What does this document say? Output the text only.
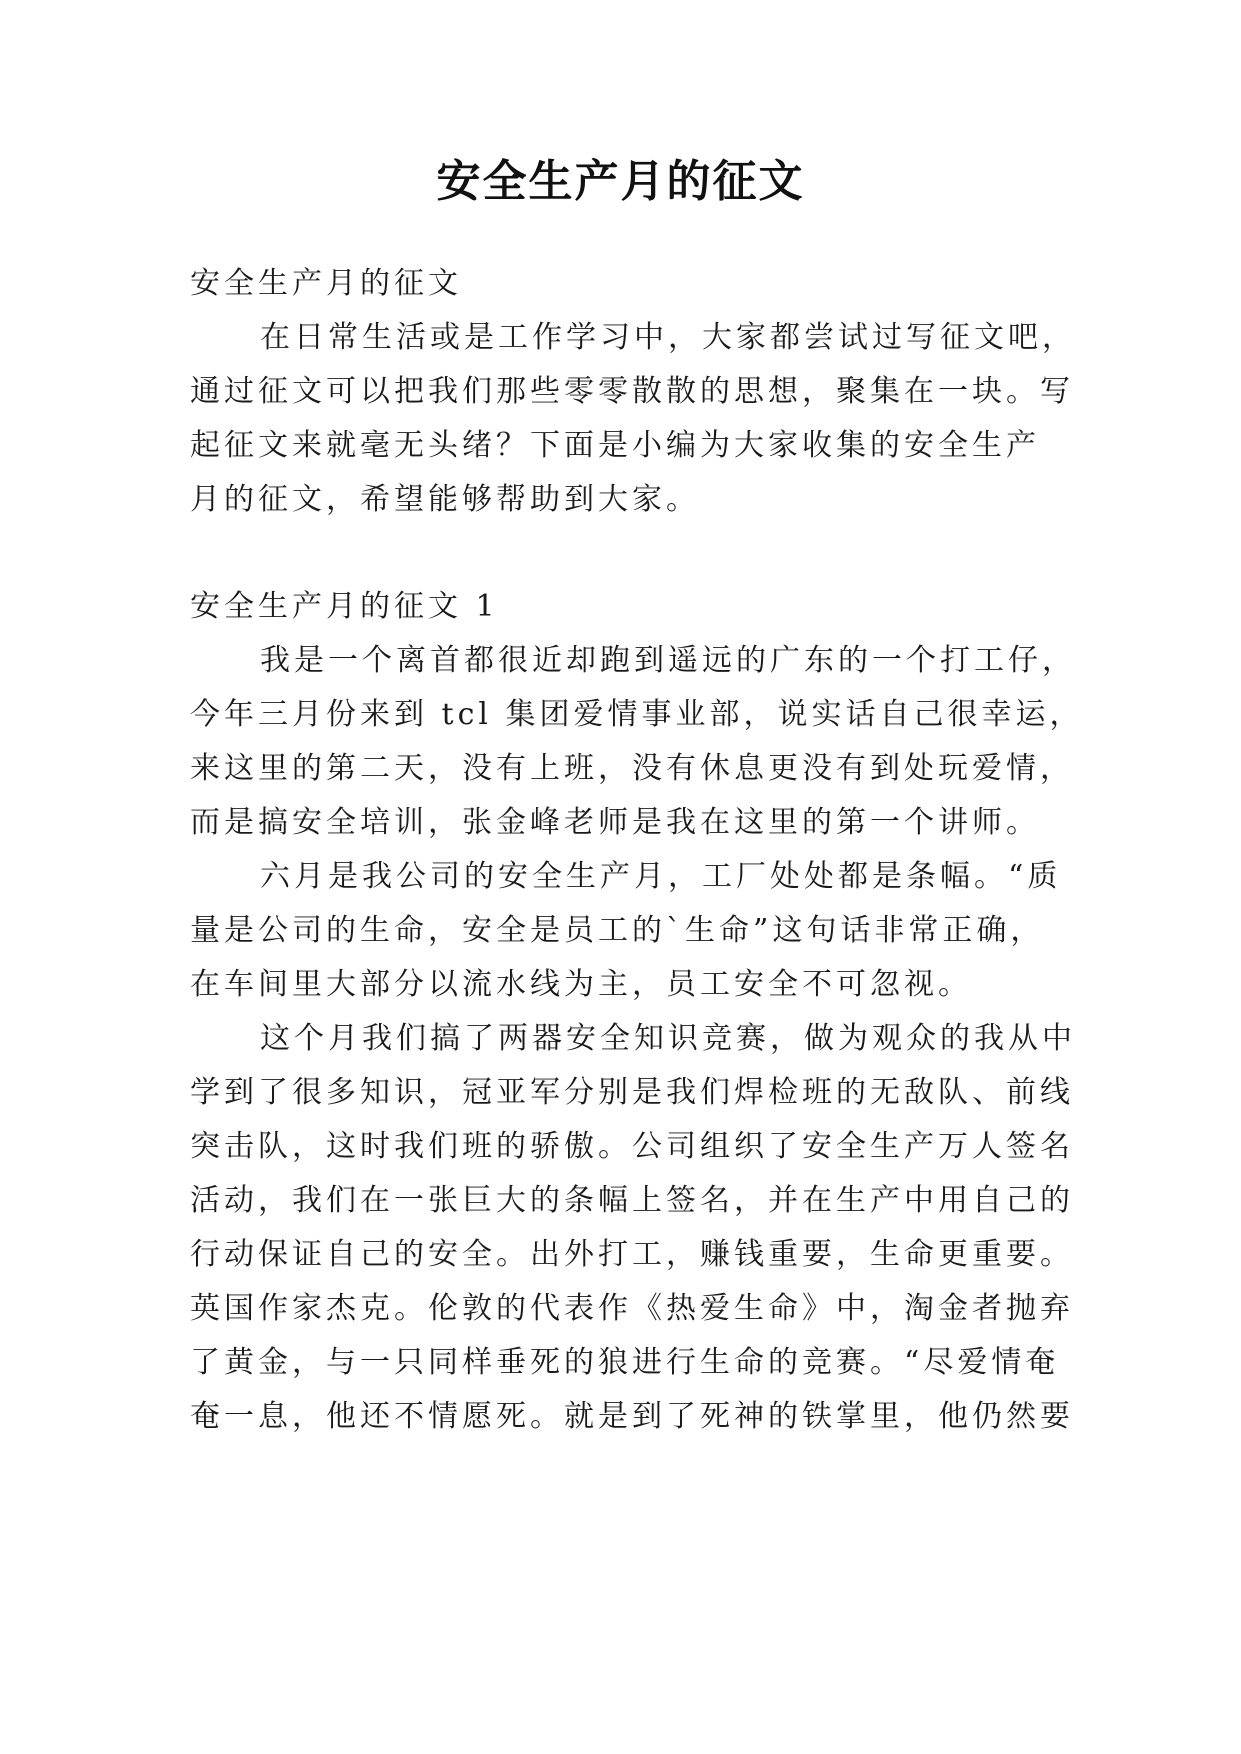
安全生产月的征文

安全生产月的征文

在日常生活或是工作学习中，大家都尝试过写征文吧，

通过征文可以把我们那些零零散散的思想，聚集在一块。写

起征文来就毫无头绪？下面是小编为大家收集的安全生产

月的征文，希望能够帮助到大家。

安全生产月的征文 1

我是一个离首都很近却跑到遥远的广东的一个打工仔，

今年三月份来到 tcl 集团爱情事业部，说实话自己很幸运，

来这里的第二天，没有上班，没有休息更没有到处玩爱情，

而是搞安全培训，张金峰老师是我在这里的第一个讲师。

六月是我公司的安全生产月，工厂处处都是条幅。“质

量是公司的生命，安全是员工的`生命”这句话非常正确，

在车间里大部分以流水线为主，员工安全不可忽视。

这个月我们搞了两器安全知识竞赛，做为观众的我从中

学到了很多知识，冠亚军分别是我们焊检班的无敌队、前线

突击队，这时我们班的骄傲。公司组织了安全生产万人签名

活动，我们在一张巨大的条幅上签名，并在生产中用自己的

行动保证自己的安全。出外打工，赚钱重要，生命更重要。

英国作家杰克。伦敦的代表作《热爱生命》中，淘金者抛弃

了黄金，与一只同样垂死的狼进行生命的竞赛。“尽爱情奄

奄一息，他还不情愿死。就是到了死神的铁掌里，他仍然要
